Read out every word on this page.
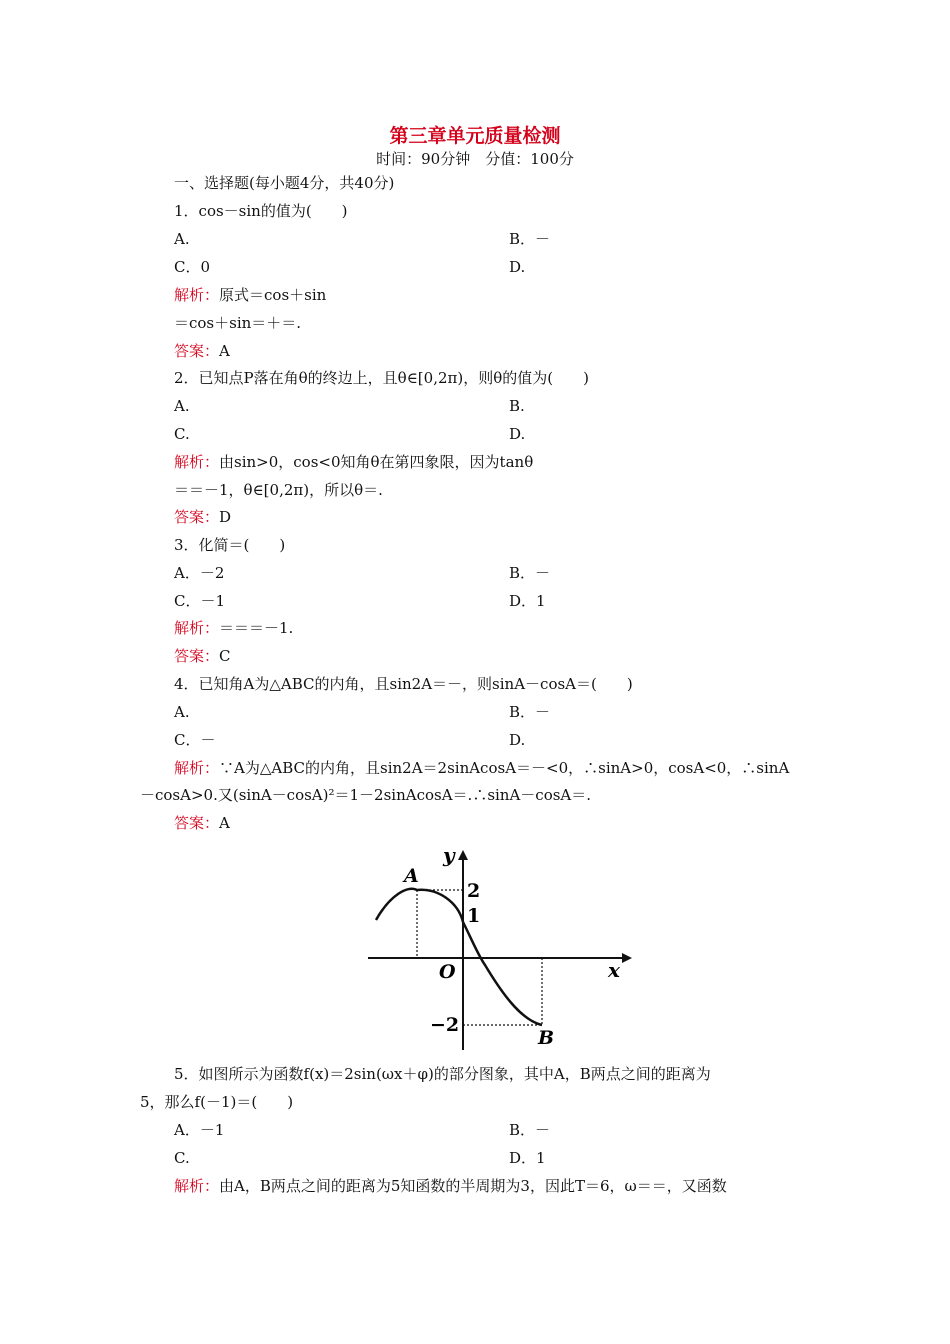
第三章单元质量检测
时间：90分钟　分值：100分
一、选择题(每小题4分，共40分)
1．cos－sin的值为(　　)
A.	B．－
C．0	D.
解析：原式＝cos＋sin
＝cos＋sin＝＋＝.
答案：A
2．已知点P落在角θ的终边上，且θ∈[0,2π)，则θ的值为(　　)
A.	B.
C.	D.
解析：由sin>0，cos<0知角θ在第四象限，因为tanθ
＝＝－1，θ∈[0,2π)，所以θ＝.
答案：D
3．化简＝(　　)
A．－2	B．－
C．－1	D．1
解析：＝＝＝－1.
答案：C
4．已知角A为△ABC的内角，且sin2A＝－，则sinA－cosA＝(　　)
A.	B．－
C．－	D.
解析：∵A为△ABC的内角，且sin2A＝2sinAcosA＝－<0，∴sinA>0，cosA<0，∴sinA
－cosA>0.又(sinA－cosA)²＝1－2sinAcosA＝.∴sinA－cosA＝.
答案：A
y
x
O
A
B
2
1
−2
5．如图所示为函数f(x)＝2sin(ωx＋φ)的部分图象，其中A，B两点之间的距离为
5，那么f(－1)＝(　　)
A．－1	B．－
C.	D．1
解析：由A，B两点之间的距离为5知函数的半周期为3，因此T＝6，ω＝＝，又函数
